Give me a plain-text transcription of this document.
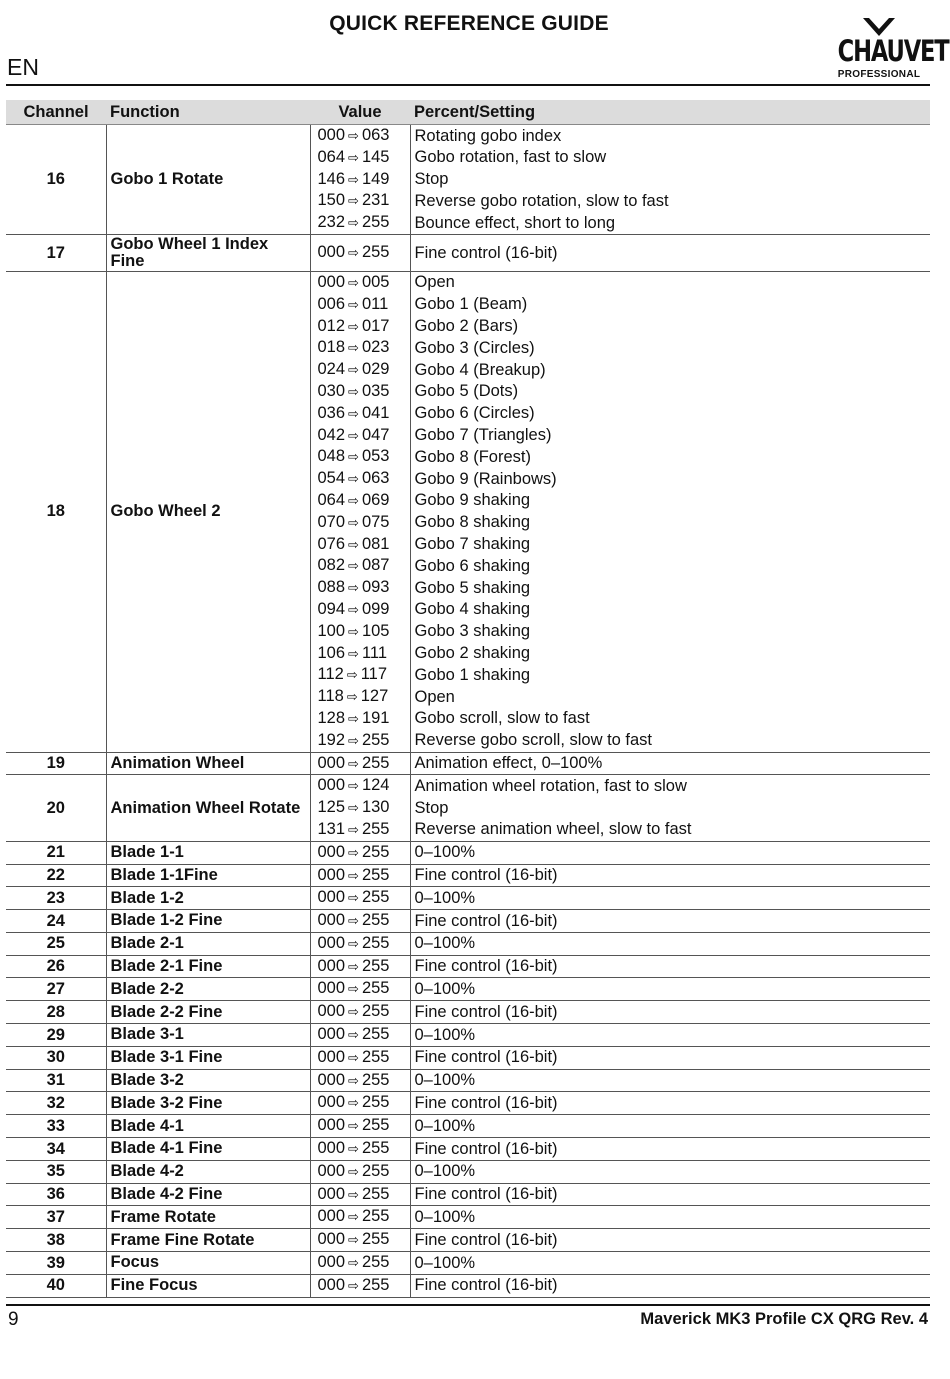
QUICK REFERENCE GUIDE
EN	CHAUVET
PROFESSIONAL
Channel	Function	Value	Percent/Setting
16	Gobo 1 Rotate	000 ⇨ 063	Rotating gobo index
		064 ⇨ 145	Gobo rotation, fast to slow
		146 ⇨ 149	Stop
		150 ⇨ 231	Reverse gobo rotation, slow to fast
		232 ⇨ 255	Bounce effect, short to long
17	Gobo Wheel 1 Index Fine	000 ⇨ 255	Fine control (16-bit)
18	Gobo Wheel 2	000 ⇨ 005	Open
		006 ⇨ 011	Gobo 1 (Beam)
		012 ⇨ 017	Gobo 2 (Bars)
		018 ⇨ 023	Gobo 3 (Circles)
		024 ⇨ 029	Gobo 4 (Breakup)
		030 ⇨ 035	Gobo 5 (Dots)
		036 ⇨ 041	Gobo 6 (Circles)
		042 ⇨ 047	Gobo 7 (Triangles)
		048 ⇨ 053	Gobo 8 (Forest)
		054 ⇨ 063	Gobo 9 (Rainbows)
		064 ⇨ 069	Gobo 9 shaking
		070 ⇨ 075	Gobo 8 shaking
		076 ⇨ 081	Gobo 7 shaking
		082 ⇨ 087	Gobo 6 shaking
		088 ⇨ 093	Gobo 5 shaking
		094 ⇨ 099	Gobo 4 shaking
		100 ⇨ 105	Gobo 3 shaking
		106 ⇨ 111	Gobo 2 shaking
		112 ⇨ 117	Gobo 1 shaking
		118 ⇨ 127	Open
		128 ⇨ 191	Gobo scroll, slow to fast
		192 ⇨ 255	Reverse gobo scroll, slow to fast
19	Animation Wheel	000 ⇨ 255	Animation effect, 0–100%
20	Animation Wheel Rotate	000 ⇨ 124	Animation wheel rotation, fast to slow
		125 ⇨ 130	Stop
		131 ⇨ 255	Reverse animation wheel, slow to fast
21	Blade 1-1	000 ⇨ 255	0–100%
22	Blade 1-1Fine	000 ⇨ 255	Fine control (16-bit)
23	Blade 1-2	000 ⇨ 255	0–100%
24	Blade 1-2 Fine	000 ⇨ 255	Fine control (16-bit)
25	Blade 2-1	000 ⇨ 255	0–100%
26	Blade 2-1 Fine	000 ⇨ 255	Fine control (16-bit)
27	Blade 2-2	000 ⇨ 255	0–100%
28	Blade 2-2 Fine	000 ⇨ 255	Fine control (16-bit)
29	Blade 3-1	000 ⇨ 255	0–100%
30	Blade 3-1 Fine	000 ⇨ 255	Fine control (16-bit)
31	Blade 3-2	000 ⇨ 255	0–100%
32	Blade 3-2 Fine	000 ⇨ 255	Fine control (16-bit)
33	Blade 4-1	000 ⇨ 255	0–100%
34	Blade 4-1 Fine	000 ⇨ 255	Fine control (16-bit)
35	Blade 4-2	000 ⇨ 255	0–100%
36	Blade 4-2 Fine	000 ⇨ 255	Fine control (16-bit)
37	Frame Rotate	000 ⇨ 255	0–100%
38	Frame Fine Rotate	000 ⇨ 255	Fine control (16-bit)
39	Focus	000 ⇨ 255	0–100%
40	Fine Focus	000 ⇨ 255	Fine control (16-bit)
9	Maverick MK3 Profile CX QRG Rev. 4
